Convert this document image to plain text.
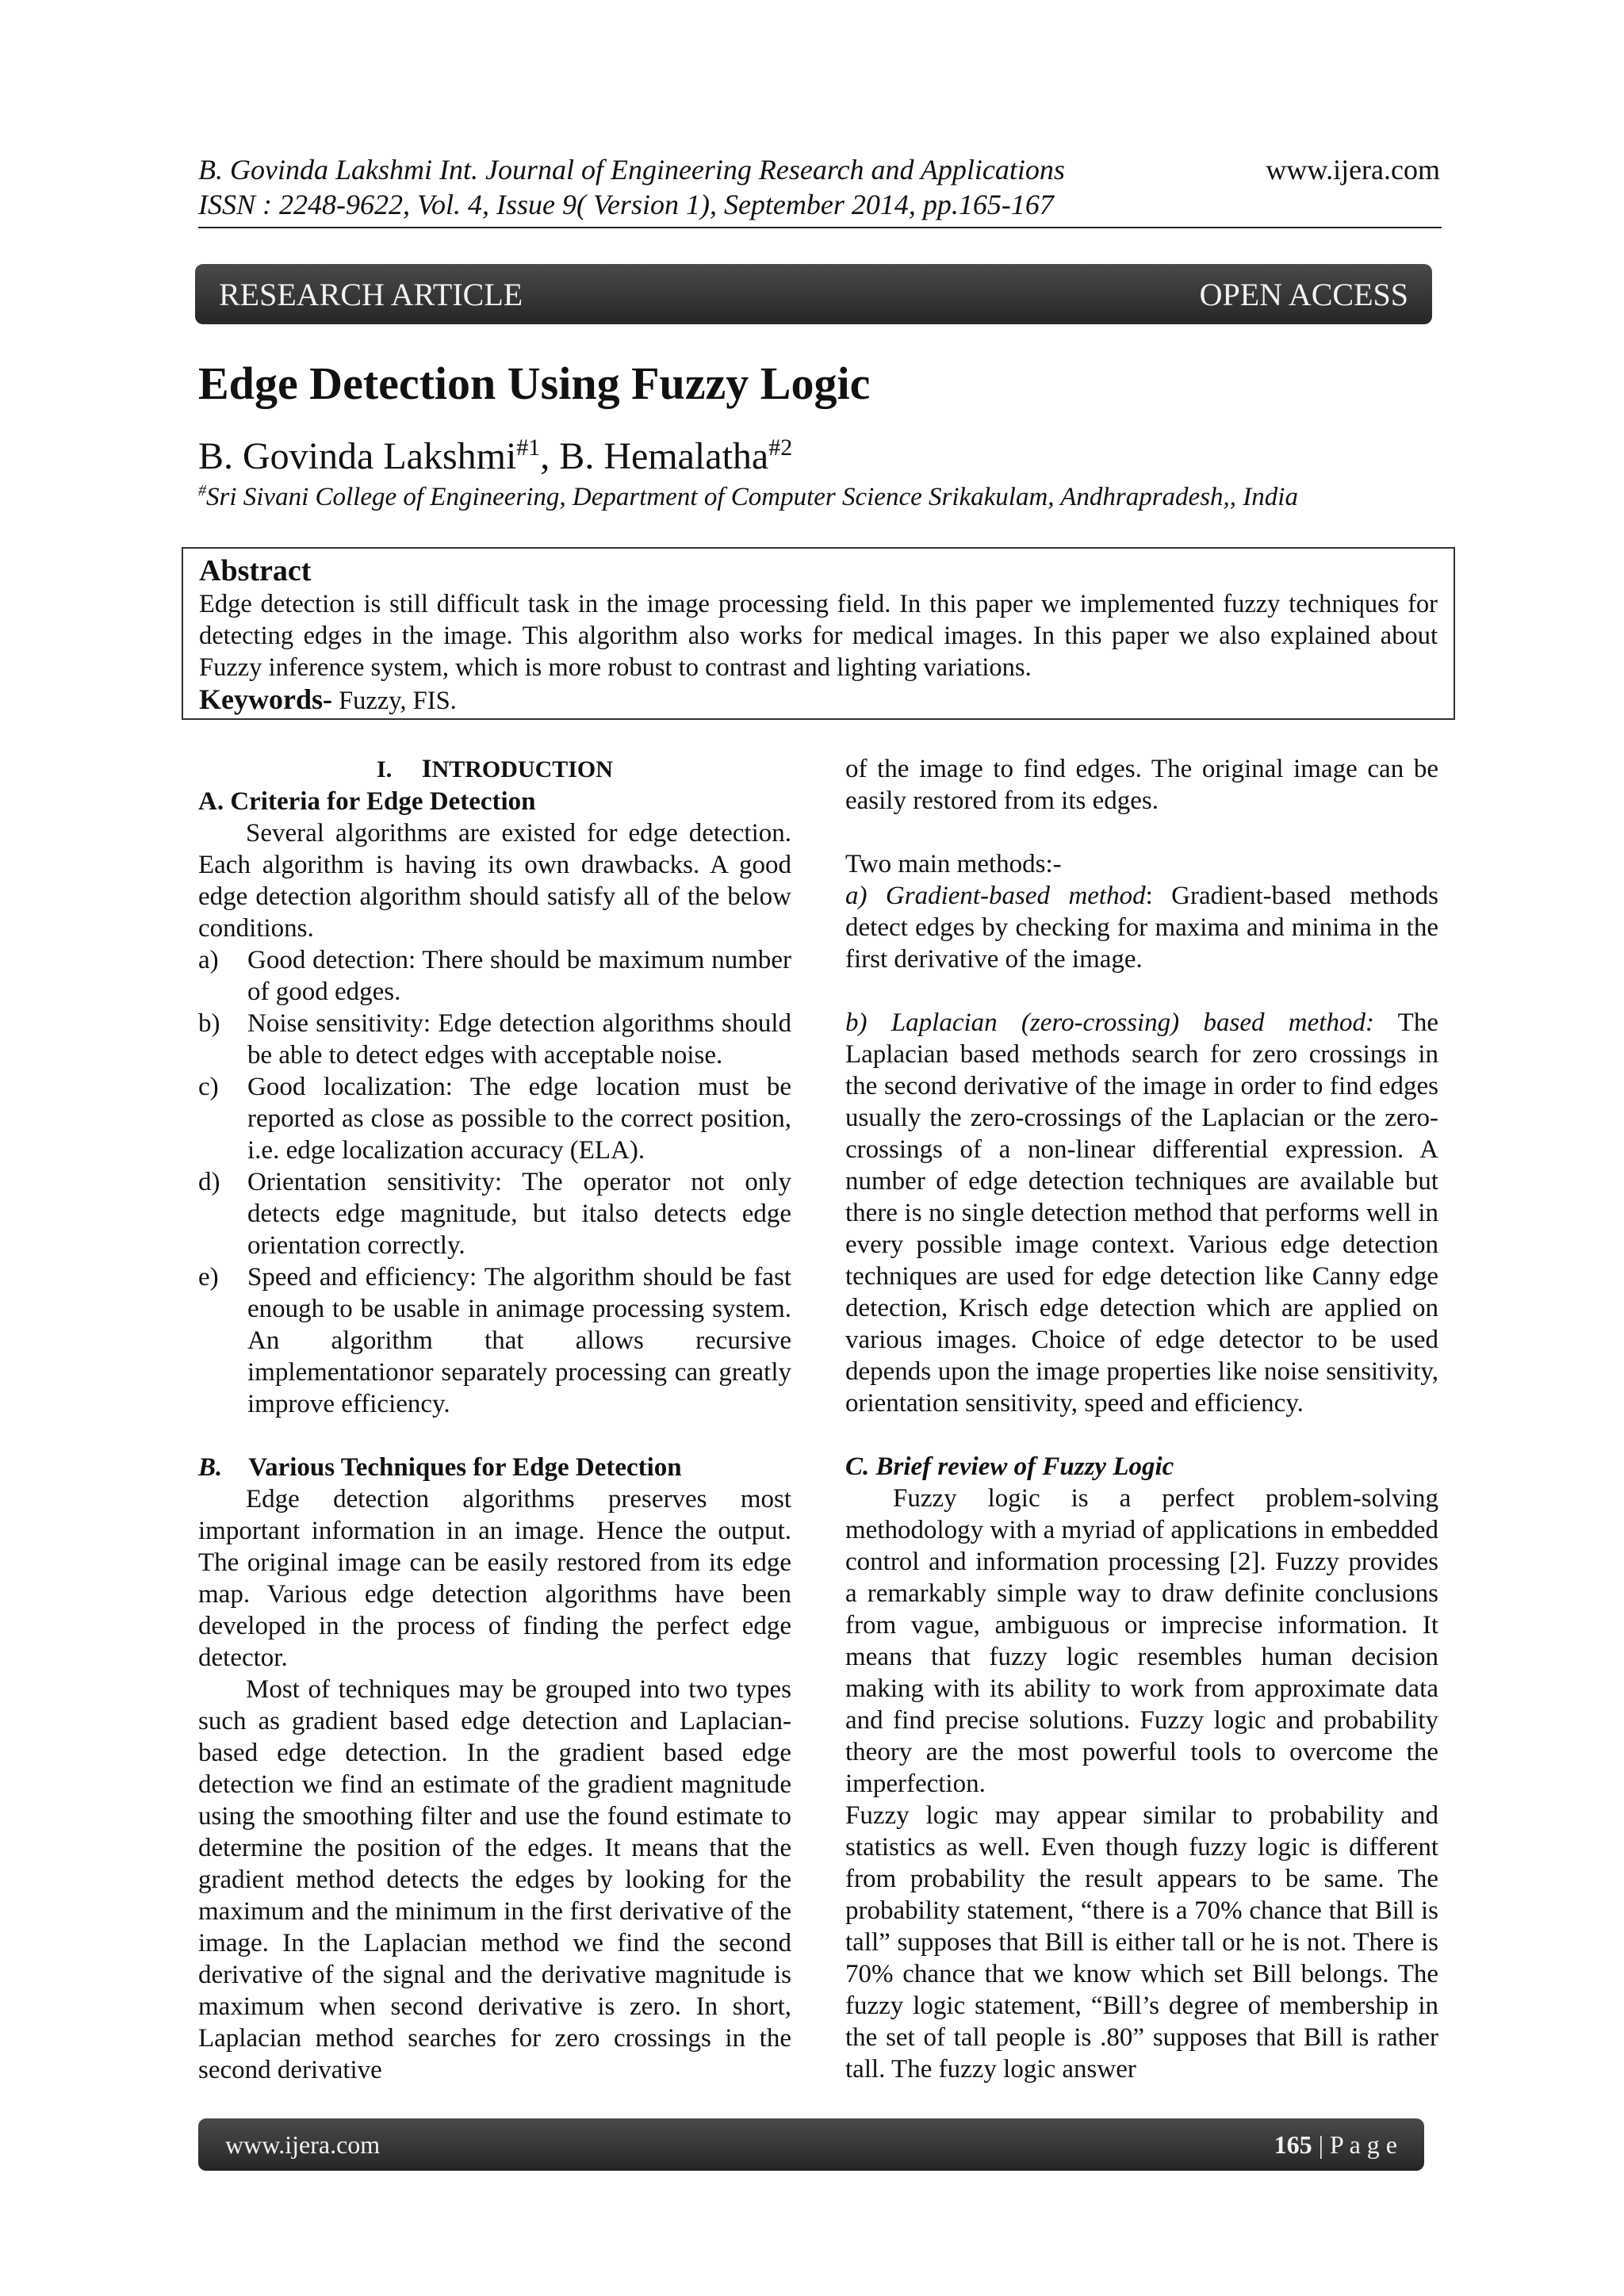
B. Govinda Lakshmi Int. Journal of Engineering Research and Applications	www.ijera.com
ISSN : 2248-9622, Vol. 4, Issue 9( Version 1), September 2014, pp.165-167
RESEARCH ARTICLE	OPEN ACCESS
Edge Detection Using Fuzzy Logic
B. Govinda Lakshmi$^{\#1}$, B. Hemalatha$^{\#2}$
#Sri Sivani College of Engineering, Department of Computer Science Srikakulam, Andhrapradesh,, India
Abstract
Edge detection is still difficult task in the image processing field. In this paper we implemented fuzzy techniques for detecting edges in the image. This algorithm also works for medical images. In this paper we also explained about Fuzzy inference system, which is more robust to contrast and lighting variations.
Keywords- Fuzzy, FIS.

I. INTRODUCTION

A. Criteria for Edge Detection

Several algorithms are existed for edge detection. Each algorithm is having its own drawbacks. A good edge detection algorithm should satisfy all of the below conditions.

a) Good detection: There should be maximum number of good edges.
b) Noise sensitivity: Edge detection algorithms should be able to detect edges with acceptable noise.
c) Good localization: The edge location must be reported as close as possible to the correct position, i.e. edge localization accuracy (ELA).
d) Orientation sensitivity: The operator not only detects edge magnitude, but italso detects edge orientation correctly.
e) Speed and efficiency: The algorithm should be fast enough to be usable in animage processing system. An algorithm that allows recursive implementationor separately processing can greatly improve efficiency.

B. Various Techniques for Edge Detection

Edge detection algorithms preserves most important information in an image. Hence the output. The original image can be easily restored from its edge map. Various edge detection algorithms have been developed in the process of finding the perfect edge detector.

Most of techniques may be grouped into two types such as gradient based edge detection and Laplacian-based edge detection. In the gradient based edge detection we find an estimate of the gradient magnitude using the smoothing filter and use the found estimate to determine the position of the edges. It means that the gradient method detects the edges by looking for the maximum and the minimum in the first derivative of the image. In the Laplacian method we find the second derivative of the signal and the derivative magnitude is maximum when second derivative is zero. In short, Laplacian method searches for zero crossings in the second derivative

of the image to find edges. The original image can be easily restored from its edges.

Two main methods:-

a) Gradient-based method: Gradient-based methods detect edges by checking for maxima and minima in the first derivative of the image.

b) Laplacian (zero-crossing) based method: The Laplacian based methods search for zero crossings in the second derivative of the image in order to find edges usually the zero-crossings of the Laplacian or the zero-crossings of a non-linear differential expression. A number of edge detection techniques are available but there is no single detection method that performs well in every possible image context. Various edge detection techniques are used for edge detection like Canny edge detection, Krisch edge detection which are applied on various images. Choice of edge detector to be used depends upon the image properties like noise sensitivity, orientation sensitivity, speed and efficiency.

C. Brief review of Fuzzy Logic

Fuzzy logic is a perfect problem-solving methodology with a myriad of applications in embedded control and information processing [2]. Fuzzy provides a remarkably simple way to draw definite conclusions from vague, ambiguous or imprecise information. It means that fuzzy logic resembles human decision making with its ability to work from approximate data and find precise solutions. Fuzzy logic and probability theory are the most powerful tools to overcome the imperfection.

Fuzzy logic may appear similar to probability and statistics as well. Even though fuzzy logic is different from probability the result appears to be same. The probability statement, “there is a 70% chance that Bill is tall” supposes that Bill is either tall or he is not. There is 70% chance that we know which set Bill belongs. The fuzzy logic statement, “Bill’s degree of membership in the set of tall people is .80” supposes that Bill is rather tall. The fuzzy logic answer

www.ijera.com	165 | P a g e
